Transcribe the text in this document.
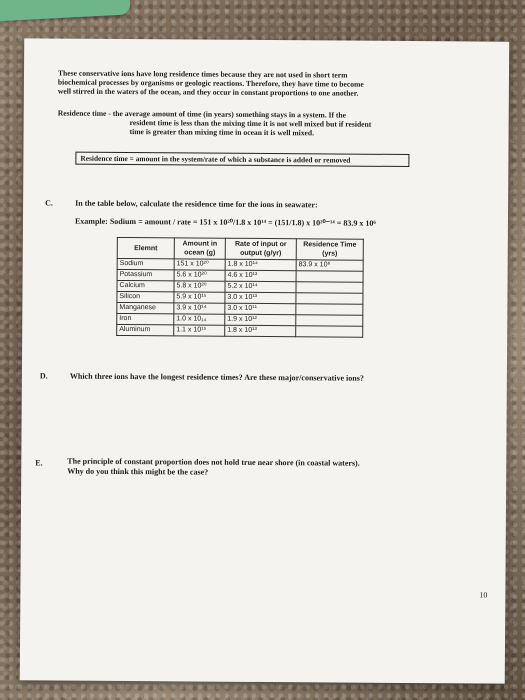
These conservative ions have long residence times because they are not used in short term

biochemical processes by organisms or geologic reactions. Therefore, they have time to become

well stirred in the waters of the ocean, and they occur in constant proportions to one another.

Residence time - the average amount of time (in years) something stays in a system. If the
resident time is less than the mixing time it is not well mixed but if resident
time is greater than mixing time in ocean it is well mixed.
Residence time = amount in the system/rate of which a substance is added or removed
C.	In the table below, calculate the residence time for the ions in seawater:
Example: Sodium = amount / rate = 151 x 10²⁰/1.8 x 10¹⁴ = (151/1.8) x 10²⁰⁻¹⁴ = 83.9 x 10⁶
Elemnt	Amount in ocean (g)	Rate of input or output (g/yr)	Residence Time (yrs)
Sodium	151 x 10²⁰	1.8 x 10¹⁴	83.9 x 10⁶
Potassium	5.6 x 10²⁰	4.6 x 10¹³	
Calcium	5.8 x 10²⁰	5.2 x 10¹⁴	
Silicon	5.9 x 10¹⁵	3.0 x 10¹³	
Manganese	3.9 x 10¹⁴	3.0 x 10¹¹	
Iron	1.0 x 10₁₄	1.9 x 10¹²	
Aluminum	1.1 x 10¹⁵	1.8 x 10¹³	
D.	Which three ions have the longest residence times? Are these major/conservative ions?
E.	The principle of constant proportion does not hold true near shore (in coastal waters).
Why do you think this might be the case?
10
